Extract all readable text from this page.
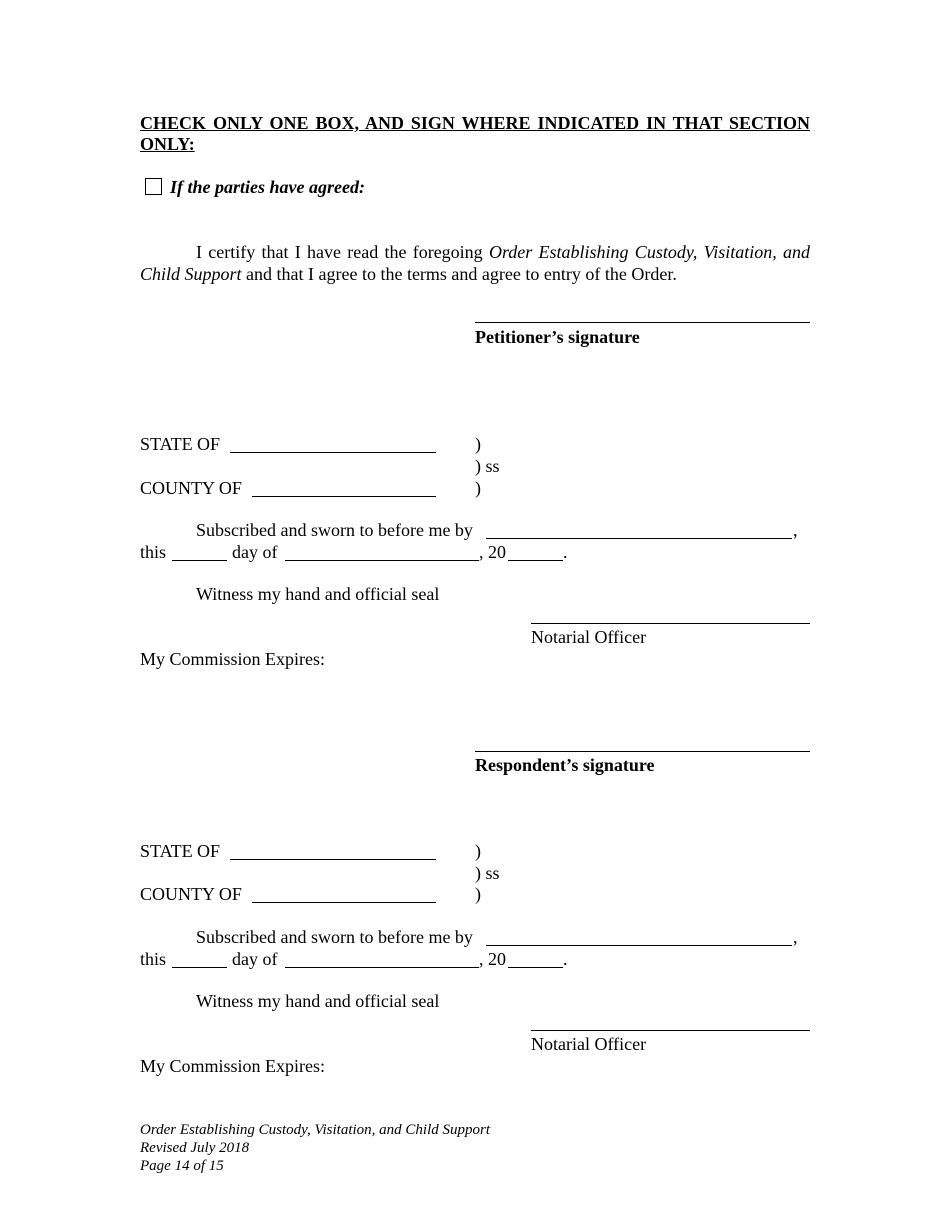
CHECK ONLY ONE BOX, AND SIGN WHERE INDICATED IN THAT SECTION ONLY:
If the parties have agreed:
I certify that I have read the foregoing Order Establishing Custody, Visitation, and Child Support and that I agree to the terms and agree to entry of the Order.
Petitioner’s signature
STATE OF	)
) ss
COUNTY OF	)
Subscribed and sworn to before me by	,
this	day of	, 20	.
Witness my hand and official seal
Notarial Officer
My Commission Expires:
Respondent’s signature
STATE OF	)
) ss
COUNTY OF	)
Subscribed and sworn to before me by	,
this	day of	, 20	.
Witness my hand and official seal
Notarial Officer
My Commission Expires:
Order Establishing Custody, Visitation, and Child Support
Revised July 2018
Page 14 of 15
